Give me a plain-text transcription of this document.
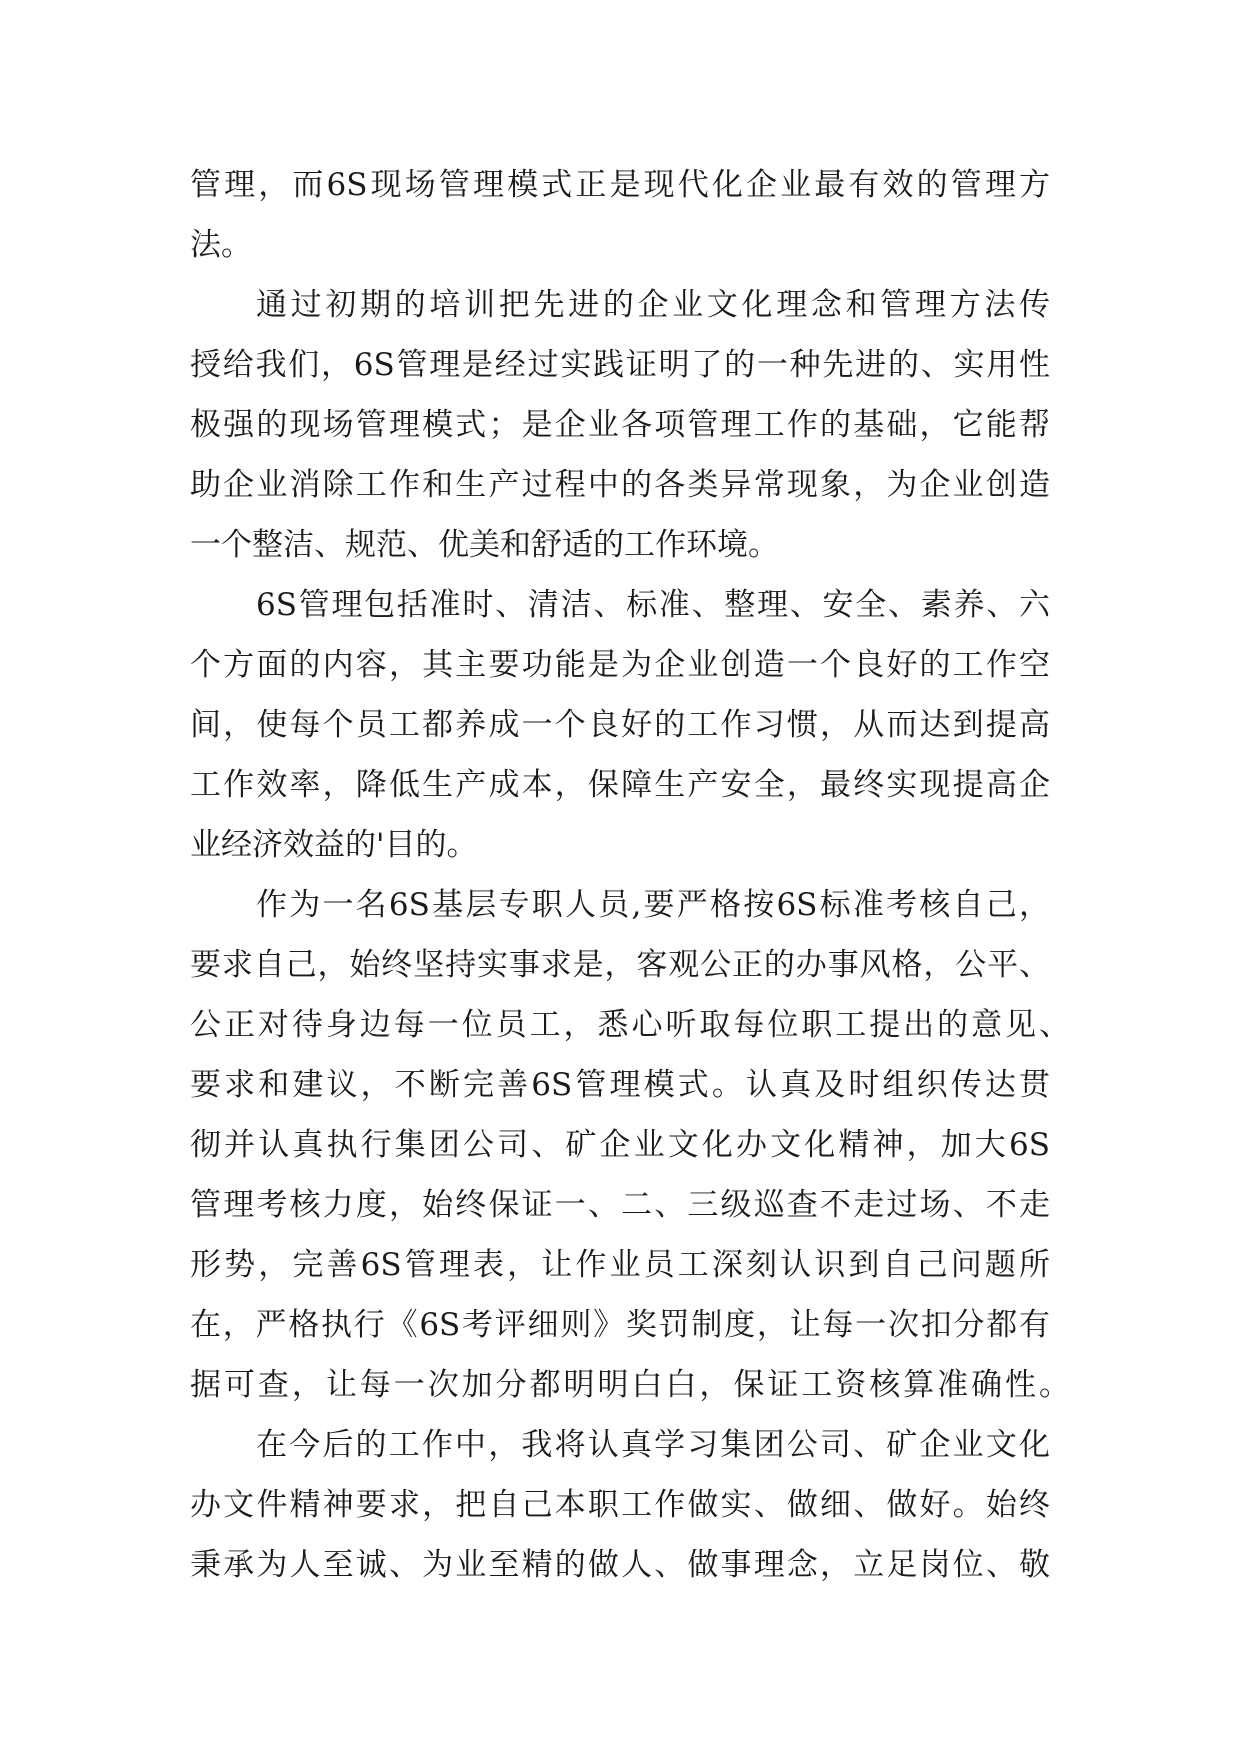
管理，而6S现场管理模式正是现代化企业最有效的管理方
法。
通过初期的培训把先进的企业文化理念和管理方法传
授给我们，6S管理是经过实践证明了的一种先进的、实用性
极强的现场管理模式；是企业各项管理工作的基础，它能帮
助企业消除工作和生产过程中的各类异常现象，为企业创造
一个整洁、规范、优美和舒适的工作环境。
6S管理包括准时、清洁、标准、整理、安全、素养、六
个方面的内容，其主要功能是为企业创造一个良好的工作空
间，使每个员工都养成一个良好的工作习惯，从而达到提高
工作效率，降低生产成本，保障生产安全，最终实现提高企
业经济效益的'目的。
作为一名6S基层专职人员,要严格按6S标准考核自己，
要求自己，始终坚持实事求是，客观公正的办事风格，公平、
公正对待身边每一位员工，悉心听取每位职工提出的意见、
要求和建议，不断完善6S管理模式。认真及时组织传达贯
彻并认真执行集团公司、矿企业文化办文化精神，加大6S
管理考核力度，始终保证一、二、三级巡查不走过场、不走
形势，完善6S管理表，让作业员工深刻认识到自己问题所
在，严格执行《6S考评细则》奖罚制度，让每一次扣分都有
据可查，让每一次加分都明明白白，保证工资核算准确性。
在今后的工作中，我将认真学习集团公司、矿企业文化
办文件精神要求，把自己本职工作做实、做细、做好。始终
秉承为人至诚、为业至精的做人、做事理念，立足岗位、敬
